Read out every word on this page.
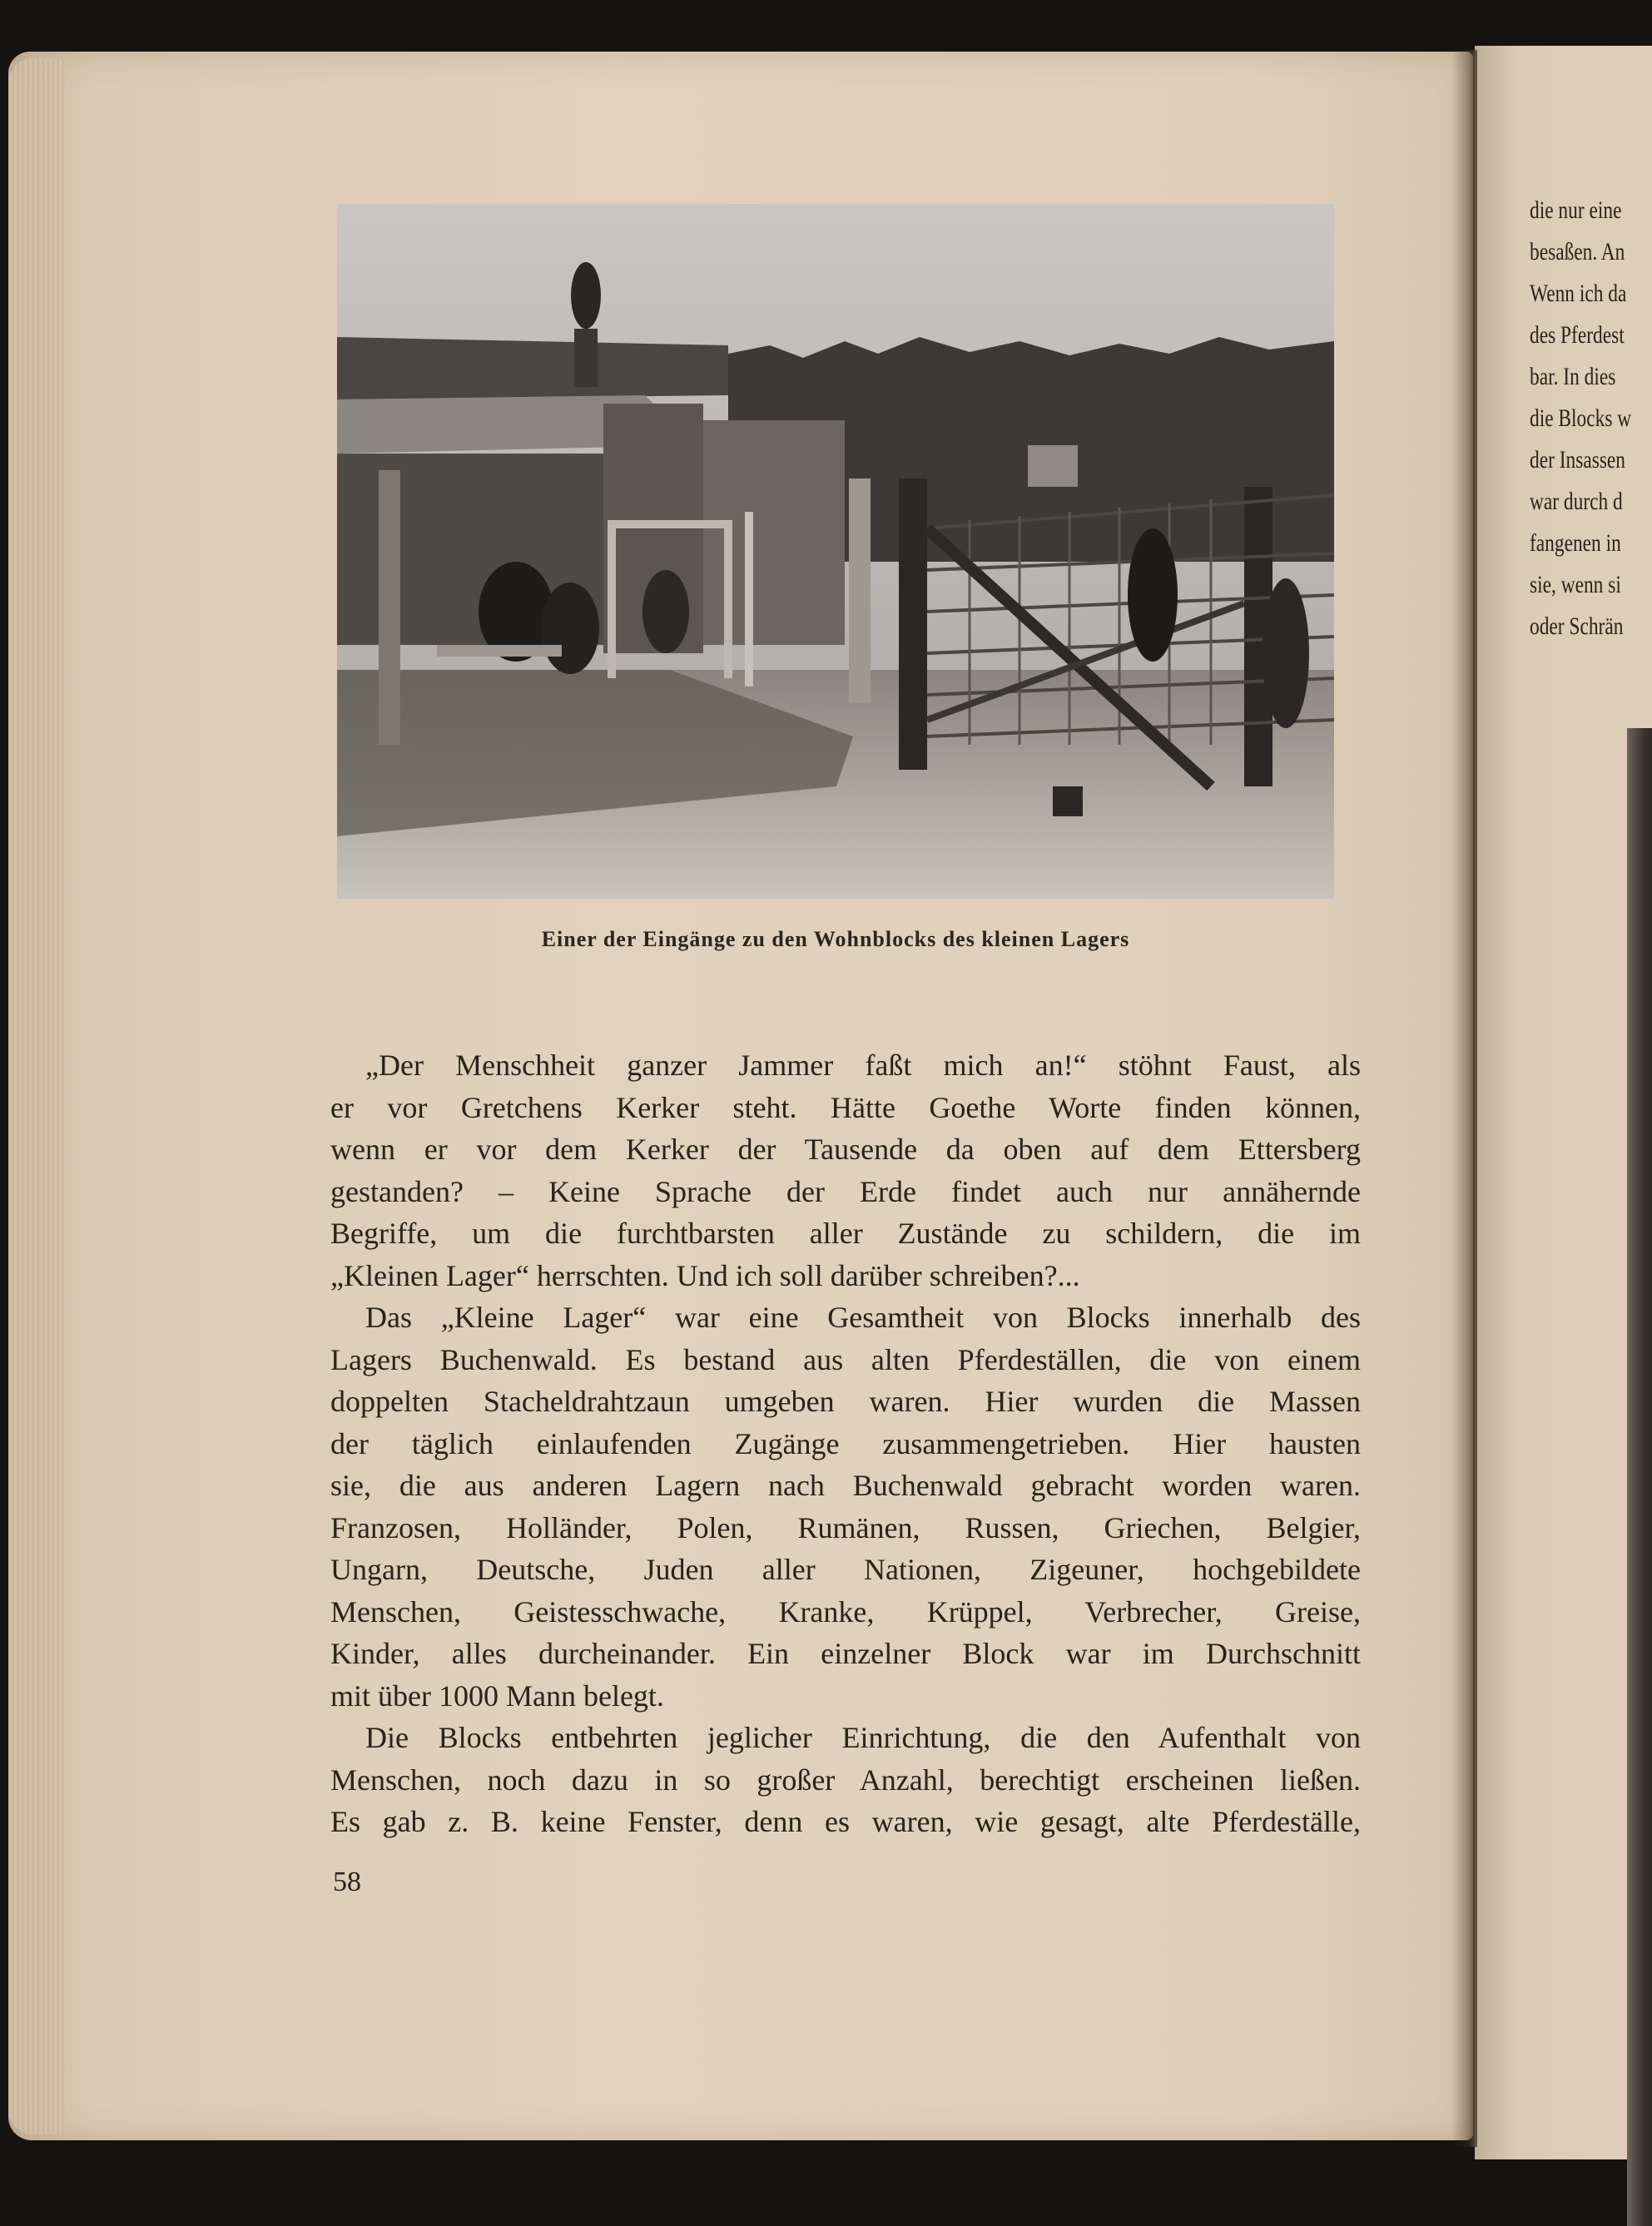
Einer der Eingänge zu den Wohnblocks des kleinen Lagers
„Der Menschheit ganzer Jammer faßt mich an!“ stöhnt Faust, als
er vor Gretchens Kerker steht. Hätte Goethe Worte finden können,
wenn er vor dem Kerker der Tausende da oben auf dem Ettersberg
gestanden? – Keine Sprache der Erde findet auch nur annähernde
Begriffe, um die furchtbarsten aller Zustände zu schildern, die im
„Kleinen Lager“ herrschten. Und ich soll darüber schreiben?...
Das „Kleine Lager“ war eine Gesamtheit von Blocks innerhalb des
Lagers Buchenwald. Es bestand aus alten Pferdeställen, die von einem
doppelten Stacheldrahtzaun umgeben waren. Hier wurden die Massen
der täglich einlaufenden Zugänge zusammengetrieben. Hier hausten
sie, die aus anderen Lagern nach Buchenwald gebracht worden waren.
Franzosen, Holländer, Polen, Rumänen, Russen, Griechen, Belgier,
Ungarn, Deutsche, Juden aller Nationen, Zigeuner, hochgebildete
Menschen, Geistesschwache, Kranke, Krüppel, Verbrecher, Greise,
Kinder, alles durcheinander. Ein einzelner Block war im Durchschnitt
mit über 1000 Mann belegt.
Die Blocks entbehrten jeglicher Einrichtung, die den Aufenthalt von
Menschen, noch dazu in so großer Anzahl, berechtigt erscheinen ließen.
Es gab z. B. keine Fenster, denn es waren, wie gesagt, alte Pferdeställe,
58
die nur eine
besaßen. An
Wenn ich da
des Pferdest
bar. In dies
die Blocks w
der Insassen
war durch d
fangenen in
sie, wenn si
oder Schrän
